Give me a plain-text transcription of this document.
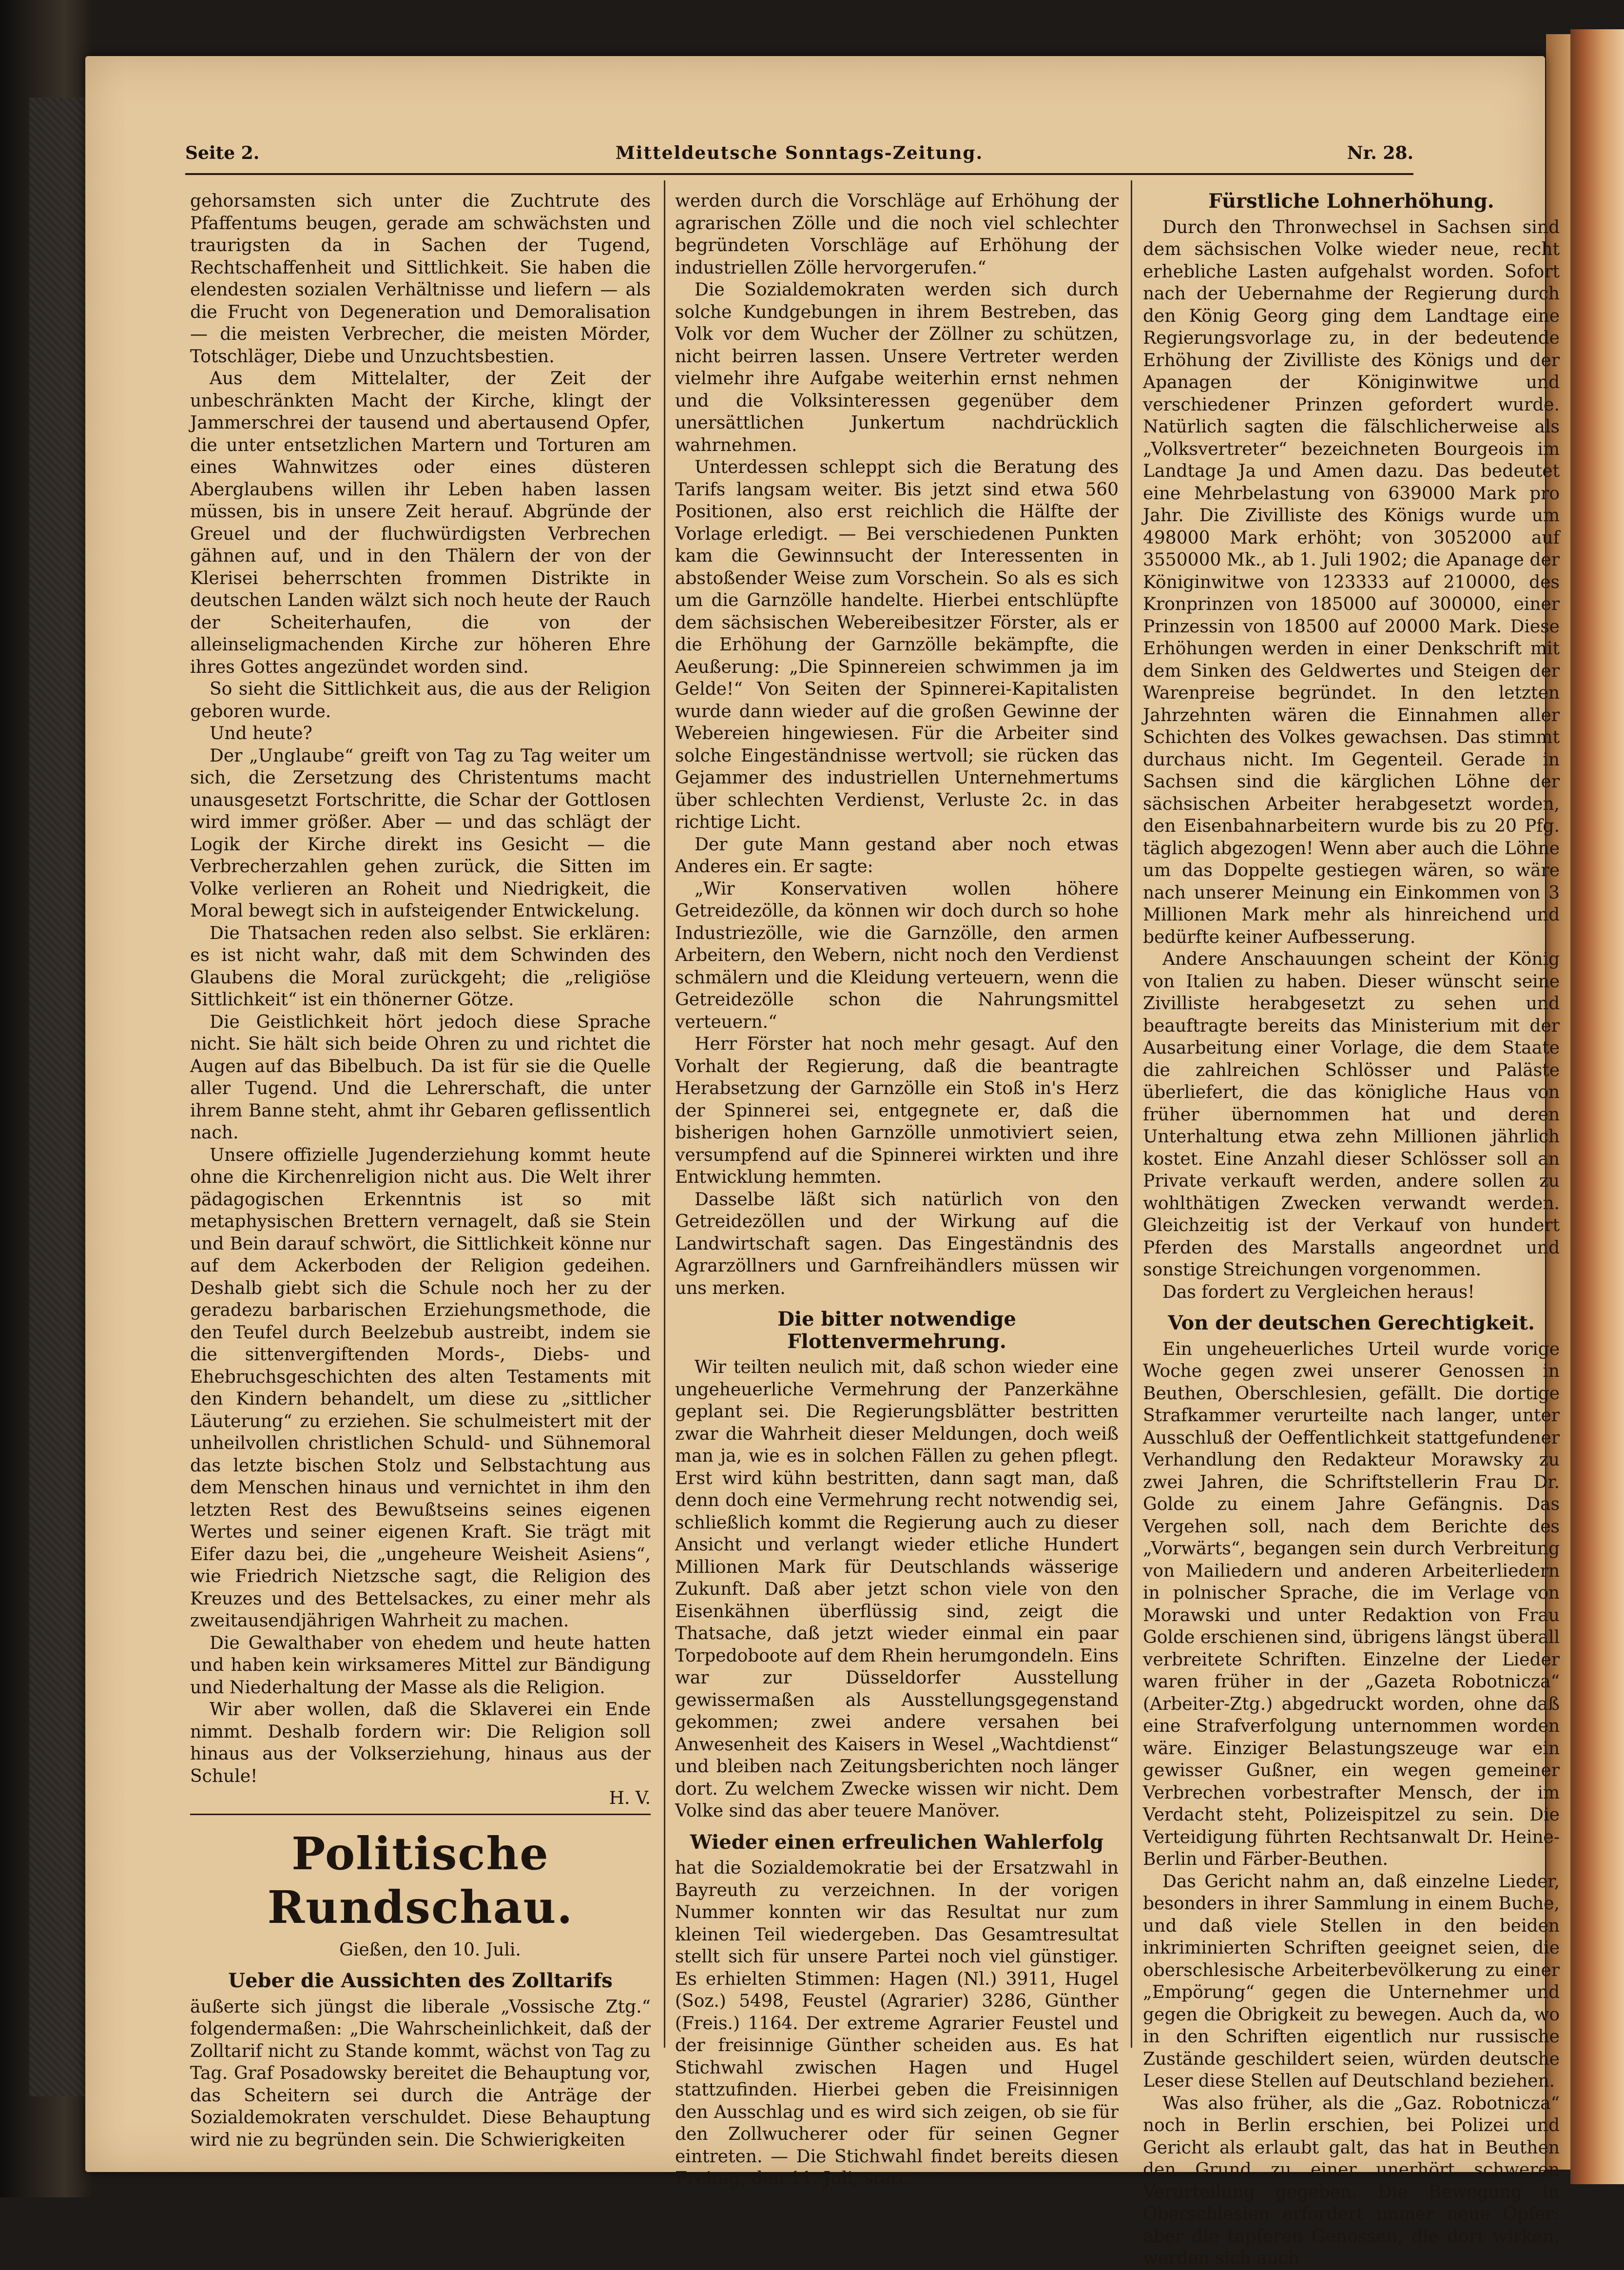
Seite 2.	Mitteldeutsche Sonntags-Zeitung.	Nr. 28.

gehorsamsten sich unter die Zuchtrute des Pfaffentums beugen, gerade am schwächsten und traurigsten da in Sachen der Tugend, Rechtschaffenheit und Sittlichkeit. Sie haben die elendesten sozialen Verhältnisse und liefern — als die Frucht von Degeneration und Demoralisation — die meisten Verbrecher, die meisten Mörder, Totschläger, Diebe und Unzuchtsbestien.

Aus dem Mittelalter, der Zeit der unbeschränkten Macht der Kirche, klingt der Jammerschrei der tausend und abertausend Opfer, die unter entsetzlichen Martern und Torturen am eines Wahnwitzes oder eines düsteren Aberglaubens willen ihr Leben haben lassen müssen, bis in unsere Zeit herauf. Abgründe der Greuel und der fluchwürdigsten Verbrechen gähnen auf, und in den Thälern der von der Klerisei beherrschten frommen Distrikte in deutschen Landen wälzt sich noch heute der Rauch der Scheiterhaufen, die von der alleinseligmachenden Kirche zur höheren Ehre ihres Gottes angezündet worden sind.

So sieht die Sittlichkeit aus, die aus der Religion geboren wurde.

Und heute?

Der „Unglaube“ greift von Tag zu Tag weiter um sich, die Zersetzung des Christentums macht unausgesetzt Fortschritte, die Schar der Gottlosen wird immer größer. Aber — und das schlägt der Logik der Kirche direkt ins Gesicht — die Verbrecherzahlen gehen zurück, die Sitten im Volke verlieren an Roheit und Niedrigkeit, die Moral bewegt sich in aufsteigender Entwickelung.

Die Thatsachen reden also selbst. Sie erklären: es ist nicht wahr, daß mit dem Schwinden des Glaubens die Moral zurückgeht; die „religiöse Sittlichkeit“ ist ein thönerner Götze.

Die Geistlichkeit hört jedoch diese Sprache nicht. Sie hält sich beide Ohren zu und richtet die Augen auf das Bibelbuch. Da ist für sie die Quelle aller Tugend. Und die Lehrerschaft, die unter ihrem Banne steht, ahmt ihr Gebaren geflissentlich nach.

Unsere offizielle Jugenderziehung kommt heute ohne die Kirchenreligion nicht aus. Die Welt ihrer pädagogischen Erkenntnis ist so mit metaphysischen Brettern vernagelt, daß sie Stein und Bein darauf schwört, die Sittlichkeit könne nur auf dem Ackerboden der Religion gedeihen. Deshalb giebt sich die Schule noch her zu der geradezu barbarischen Erziehungsmethode, die den Teufel durch Beelzebub austreibt, indem sie die sittenvergiftenden Mords-, Diebs- und Ehebruchsgeschichten des alten Testaments mit den Kindern behandelt, um diese zu „sittlicher Läuterung“ zu erziehen. Sie schulmeistert mit der unheilvollen christlichen Schuld- und Sühnemoral das letzte bischen Stolz und Selbstachtung aus dem Menschen hinaus und vernichtet in ihm den letzten Rest des Bewußtseins seines eigenen Wertes und seiner eigenen Kraft. Sie trägt mit Eifer dazu bei, die „ungeheure Weisheit Asiens“, wie Friedrich Nietzsche sagt, die Religion des Kreuzes und des Bettelsackes, zu einer mehr als zweitausendjährigen Wahrheit zu machen.

Die Gewalthaber von ehedem und heute hatten und haben kein wirksameres Mittel zur Bändigung und Niederhaltung der Masse als die Religion.

Wir aber wollen, daß die Sklaverei ein Ende nimmt. Deshalb fordern wir: Die Religion soll hinaus aus der Volkserziehung, hinaus aus der Schule!

H. V.

Politische Rundschau.

Gießen, den 10. Juli.

Ueber die Aussichten des Zolltarifs

äußerte sich jüngst die liberale „Vossische Ztg.“ folgendermaßen: „Die Wahrscheinlichkeit, daß der Zolltarif nicht zu Stande kommt, wächst von Tag zu Tag. Graf Posadowsky bereitet die Behauptung vor, das Scheitern sei durch die Anträge der Sozialdemokraten verschuldet. Diese Behauptung wird nie zu begründen sein. Die Schwierigkeiten

werden durch die Vorschläge auf Erhöhung der agrarischen Zölle und die noch viel schlechter begründeten Vorschläge auf Erhöhung der industriellen Zölle hervorgerufen.“

Die Sozialdemokraten werden sich durch solche Kundgebungen in ihrem Bestreben, das Volk vor dem Wucher der Zöllner zu schützen, nicht beirren lassen. Unsere Vertreter werden vielmehr ihre Aufgabe weiterhin ernst nehmen und die Volksinteressen gegenüber dem unersättlichen Junkertum nachdrücklich wahrnehmen.

Unterdessen schleppt sich die Beratung des Tarifs langsam weiter. Bis jetzt sind etwa 560 Positionen, also erst reichlich die Hälfte der Vorlage erledigt. — Bei verschiedenen Punkten kam die Gewinnsucht der Interessenten in abstoßender Weise zum Vorschein. So als es sich um die Garnzölle handelte. Hierbei entschlüpfte dem sächsischen Webereibesitzer Förster, als er die Erhöhung der Garnzölle bekämpfte, die Aeußerung: „Die Spinnereien schwimmen ja im Gelde!“ Von Seiten der Spinnerei-Kapitalisten wurde dann wieder auf die großen Gewinne der Webereien hingewiesen. Für die Arbeiter sind solche Eingeständnisse wertvoll; sie rücken das Gejammer des industriellen Unternehmertums über schlechten Verdienst, Verluste 2c. in das richtige Licht.

Der gute Mann gestand aber noch etwas Anderes ein. Er sagte:

„Wir Konservativen wollen höhere Getreidezölle, da können wir doch durch so hohe Industriezölle, wie die Garnzölle, den armen Arbeitern, den Webern, nicht noch den Verdienst schmälern und die Kleidung verteuern, wenn die Getreidezölle schon die Nahrungsmittel verteuern.“

Herr Förster hat noch mehr gesagt. Auf den Vorhalt der Regierung, daß die beantragte Herabsetzung der Garnzölle ein Stoß in's Herz der Spinnerei sei, entgegnete er, daß die bisherigen hohen Garnzölle unmotiviert seien, versumpfend auf die Spinnerei wirkten und ihre Entwicklung hemmten.

Dasselbe läßt sich natürlich von den Getreidezöllen und der Wirkung auf die Landwirtschaft sagen. Das Eingeständnis des Agrarzöllners und Garnfreihändlers müssen wir uns merken.

Die bitter notwendige Flottenvermehrung.

Wir teilten neulich mit, daß schon wieder eine ungeheuerliche Vermehrung der Panzerkähne geplant sei. Die Regierungsblätter bestritten zwar die Wahrheit dieser Meldungen, doch weiß man ja, wie es in solchen Fällen zu gehen pflegt. Erst wird kühn bestritten, dann sagt man, daß denn doch eine Vermehrung recht notwendig sei, schließlich kommt die Regierung auch zu dieser Ansicht und verlangt wieder etliche Hundert Millionen Mark für Deutschlands wässerige Zukunft. Daß aber jetzt schon viele von den Eisenkähnen überflüssig sind, zeigt die Thatsache, daß jetzt wieder einmal ein paar Torpedoboote auf dem Rhein herumgondeln. Eins war zur Düsseldorfer Ausstellung gewissermaßen als Ausstellungsgegenstand gekommen; zwei andere versahen bei Anwesenheit des Kaisers in Wesel „Wachtdienst“ und bleiben nach Zeitungsberichten noch länger dort. Zu welchem Zwecke wissen wir nicht. Dem Volke sind das aber teuere Manöver.

Wieder einen erfreulichen Wahlerfolg

hat die Sozialdemokratie bei der Ersatzwahl in Bayreuth zu verzeichnen. In der vorigen Nummer konnten wir das Resultat nur zum kleinen Teil wiedergeben. Das Gesamtresultat stellt sich für unsere Partei noch viel günstiger. Es erhielten Stimmen: Hagen (Nl.) 3911, Hugel (Soz.) 5498, Feustel (Agrarier) 3286, Günther (Freis.) 1164. Der extreme Agrarier Feustel und der freisinnige Günther scheiden aus. Es hat Stichwahl zwischen Hagen und Hugel stattzufinden. Hierbei geben die Freisinnigen den Ausschlag und es wird sich zeigen, ob sie für den Zollwucherer oder für seinen Gegner eintreten. — Die Stichwahl findet bereits diesen Freitag, den 11. Juli, statt.

Fürstliche Lohnerhöhung.

Durch den Thronwechsel in Sachsen sind dem sächsischen Volke wieder neue, recht erhebliche Lasten aufgehalst worden. Sofort nach der Uebernahme der Regierung durch den König Georg ging dem Landtage eine Regierungsvorlage zu, in der bedeutende Erhöhung der Zivilliste des Königs und der Apanagen der Königinwitwe und verschiedener Prinzen gefordert wurde. Natürlich sagten die fälschlicherweise als „Volksvertreter“ bezeichneten Bourgeois im Landtage Ja und Amen dazu. Das bedeutet eine Mehrbelastung von 639000 Mark pro Jahr. Die Zivilliste des Königs wurde um 498000 Mark erhöht; von 3052000 auf 3550000 Mk., ab 1. Juli 1902; die Apanage der Königinwitwe von 123333 auf 210000, des Kronprinzen von 185000 auf 300000, einer Prinzessin von 18500 auf 20000 Mark. Diese Erhöhungen werden in einer Denkschrift mit dem Sinken des Geldwertes und Steigen der Warenpreise begründet. In den letzten Jahrzehnten wären die Einnahmen aller Schichten des Volkes gewachsen. Das stimmt durchaus nicht. Im Gegenteil. Gerade in Sachsen sind die kärglichen Löhne der sächsischen Arbeiter herabgesetzt worden, den Eisenbahnarbeitern wurde bis zu 20 Pfg. täglich abgezogen! Wenn aber auch die Löhne um das Doppelte gestiegen wären, so wäre nach unserer Meinung ein Einkommen von 3 Millionen Mark mehr als hinreichend und bedürfte keiner Aufbesserung.

Andere Anschauungen scheint der König von Italien zu haben. Dieser wünscht seine Zivilliste herabgesetzt zu sehen und beauftragte bereits das Ministerium mit der Ausarbeitung einer Vorlage, die dem Staate die zahlreichen Schlösser und Paläste überliefert, die das königliche Haus von früher übernommen hat und deren Unterhaltung etwa zehn Millionen jährlich kostet. Eine Anzahl dieser Schlösser soll an Private verkauft werden, andere sollen zu wohlthätigen Zwecken verwandt werden. Gleichzeitig ist der Verkauf von hundert Pferden des Marstalls angeordnet und sonstige Streichungen vorgenommen.

Das fordert zu Vergleichen heraus!

Von der deutschen Gerechtigkeit.

Ein ungeheuerliches Urteil wurde vorige Woche gegen zwei unserer Genossen in Beuthen, Oberschlesien, gefällt. Die dortige Strafkammer verurteilte nach langer, unter Ausschluß der Oeffentlichkeit stattgefundener Verhandlung den Redakteur Morawsky zu zwei Jahren, die Schriftstellerin Frau Dr. Golde zu einem Jahre Gefängnis. Das Vergehen soll, nach dem Berichte des „Vorwärts“, begangen sein durch Verbreitung von Mailiedern und anderen Arbeiterliedern in polnischer Sprache, die im Verlage von Morawski und unter Redaktion von Frau Golde erschienen sind, übrigens längst überall verbreitete Schriften. Einzelne der Lieder waren früher in der „Gazeta Robotnicza“ (Arbeiter-Ztg.) abgedruckt worden, ohne daß eine Strafverfolgung unternommen worden wäre. Einziger Belastungszeuge war ein gewisser Gußner, ein wegen gemeiner Verbrechen vorbestrafter Mensch, der im Verdacht steht, Polizeispitzel zu sein. Die Verteidigung führten Rechtsanwalt Dr. Heine-Berlin und Färber-Beuthen.

Das Gericht nahm an, daß einzelne Lieder, besonders in ihrer Sammlung in einem Buche, und daß viele Stellen in den beiden inkriminierten Schriften geeignet seien, die oberschlesische Arbeiterbevölkerung zu einer „Empörung“ gegen die Unternehmer und gegen die Obrigkeit zu bewegen. Auch da, wo in den Schriften eigentlich nur russische Zustände geschildert seien, würden deutsche Leser diese Stellen auf Deutschland beziehen.

Was also früher, als die „Gaz. Robotnicza“ noch in Berlin erschien, bei Polizei und Gericht als erlaubt galt, das hat in Beuthen den Grund zu einer unerhört schweren Verurteilung gegeben. Die Bewegung in Oberschlesien erfordert immer neue Opfer: aber die tapferen Genossen, die dort wirken, werden sich auch
